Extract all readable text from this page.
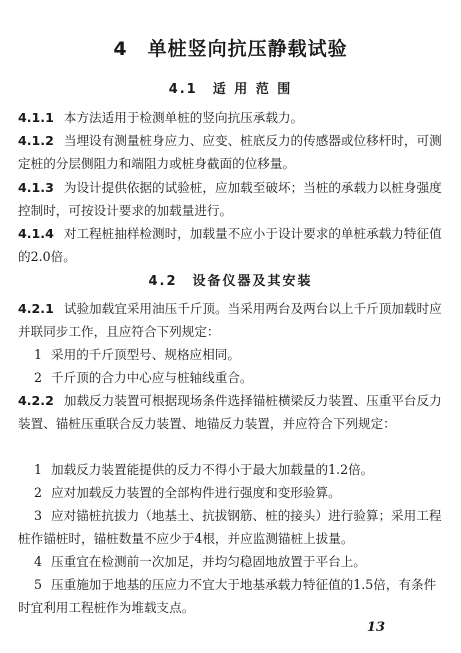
4　单桩竖向抗压静载试验
4.1　适 用 范 围

4.1.1 本方法适用于检测单桩的竖向抗压承载力。

4.1.2 当埋设有测量桩身应力、应变、桩底反力的传感器或位移杆时，可测定桩的分层侧阻力和端阻力或桩身截面的位移量。

4.1.3 为设计提供依据的试验桩，应加载至破坏；当桩的承载力以桩身强度控制时，可按设计要求的加载量进行。

4.1.4 对工程桩抽样检测时，加载量不应小于设计要求的单桩承载力特征值的2.0倍。

4.2　设备仪器及其安装

4.2.1 试验加载宜采用油压千斤顶。当采用两台及两台以上千斤顶加载时应并联同步工作，且应符合下列规定：

1 采用的千斤顶型号、规格应相同。

2 千斤顶的合力中心应与桩轴线重合。

4.2.2 加载反力装置可根据现场条件选择锚桩横梁反力装置、压重平台反力装置、锚桩压重联合反力装置、地锚反力装置，并应符合下列规定：

1 加载反力装置能提供的反力不得小于最大加载量的1.2倍。

2 应对加载反力装置的全部构件进行强度和变形验算。

3 应对锚桩抗拔力（地基土、抗拔钢筋、桩的接头）进行验算；采用工程桩作锚桩时，锚桩数量不应少于4根，并应监测锚桩上拔量。

4 压重宜在检测前一次加足，并均匀稳固地放置于平台上。

5 压重施加于地基的压应力不宜大于地基承载力特征值的1.5倍，有条件时宜利用工程桩作为堆载支点。

13
